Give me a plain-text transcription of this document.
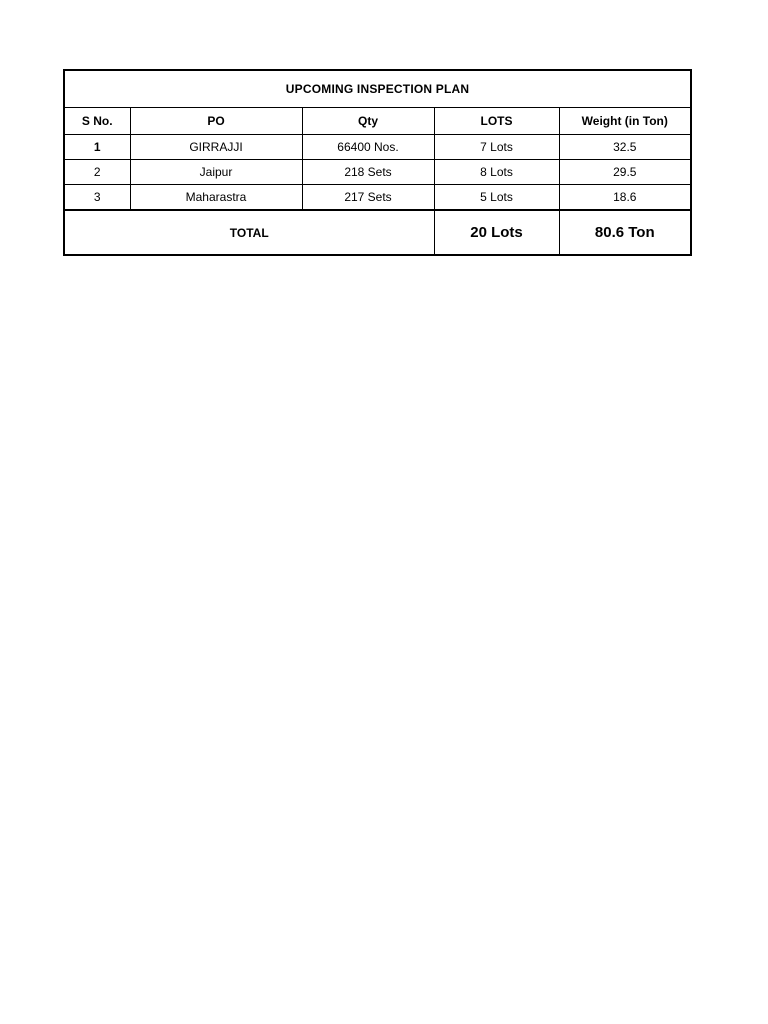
UPCOMING INSPECTION PLAN				
S No.	PO	Qty	LOTS	Weight (in Ton)
1	GIRRAJJI	66400 Nos.	7 Lots	32.5
2	Jaipur	218 Sets	8 Lots	29.5
3	Maharastra	217 Sets	5 Lots	18.6
TOTAL			20 Lots	80.6 Ton
